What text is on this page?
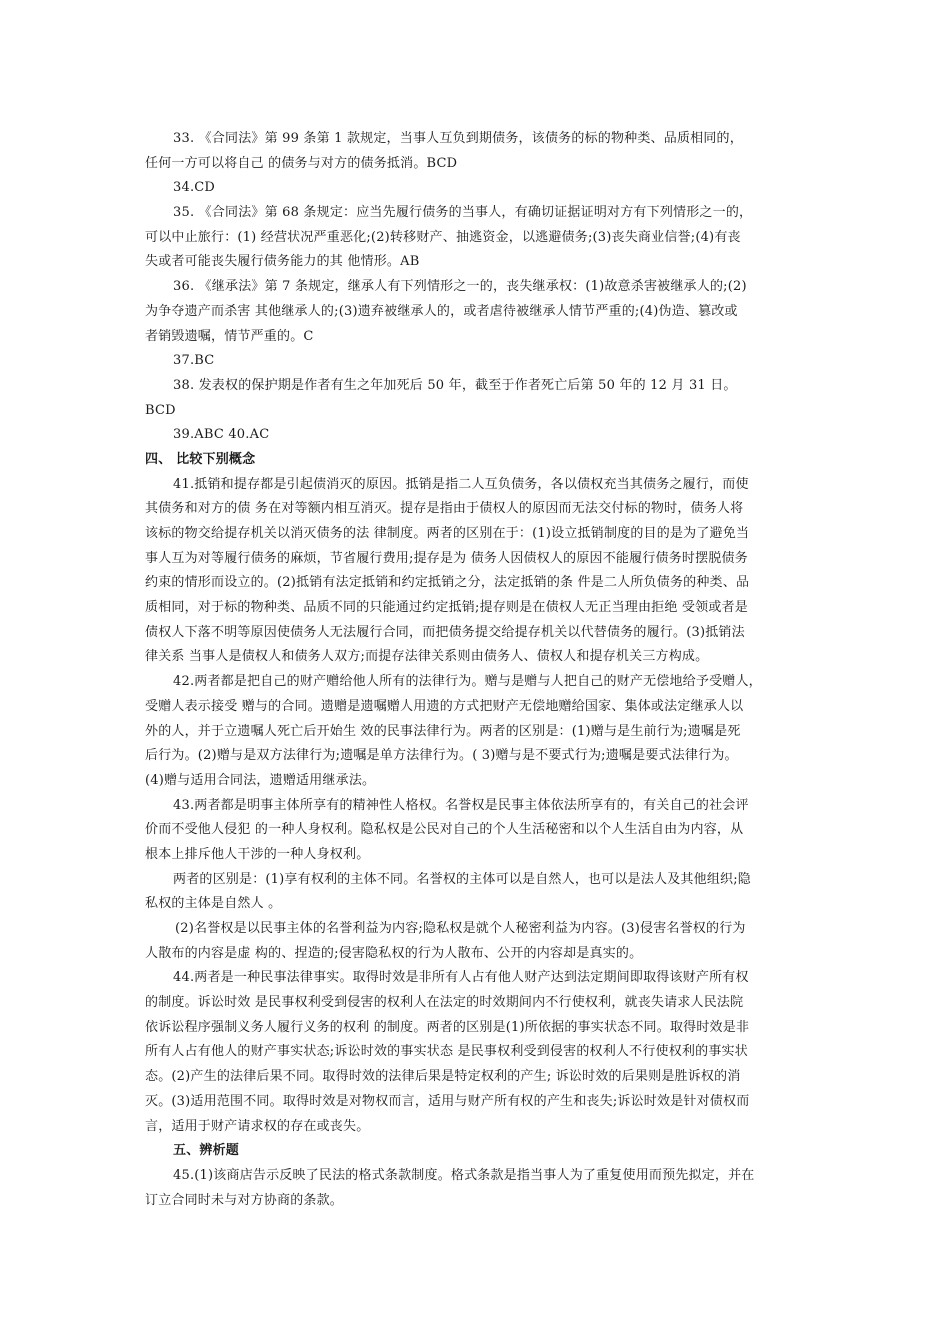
33. 《合同法》第 99 条第 1 款规定，当事人互负到期债务，该债务的标的物种类、品质相同的，
任何一方可以将自己 的债务与对方的债务抵消。BCD
34.CD
35. 《合同法》第 68 条规定：应当先履行债务的当事人，有确切证据证明对方有下列情形之一的，
可以中止旅行：(1) 经营状况严重恶化;(2)转移财产、抽逃资金，以逃避债务;(3)丧失商业信誉;(4)有丧
失或者可能丧失履行债务能力的其 他情形。AB
36. 《继承法》第 7 条规定，继承人有下列情形之一的，丧失继承权：(1)故意杀害被继承人的;(2)
为争夺遗产而杀害 其他继承人的;(3)遗弃被继承人的，或者虐待被继承人情节严重的;(4)伪造、篡改或
者销毁遗嘱，情节严重的。C
37.BC
38. 发表权的保护期是作者有生之年加死后 50 年，截至于作者死亡后第 50 年的 12 月 31 日。
BCD
39.ABC 40.AC
四、 比较下别概念
41.抵销和提存都是引起债消灭的原因。抵销是指二人互负债务，各以债权充当其债务之履行，而使
其债务和对方的债 务在对等额内相互消灭。提存是指由于债权人的原因而无法交付标的物时，债务人将
该标的物交给提存机关以消灭债务的法 律制度。两者的区别在于：(1)设立抵销制度的目的是为了避免当
事人互为对等履行债务的麻烦，节省履行费用;提存是为 债务人因债权人的原因不能履行债务时摆脱债务
约束的情形而设立的。(2)抵销有法定抵销和约定抵销之分，法定抵销的条 件是二人所负债务的种类、品
质相同，对于标的物种类、品质不同的只能通过约定抵销;提存则是在债权人无正当理由拒绝 受领或者是
债权人下落不明等原因使债务人无法履行合同，而把债务提交给提存机关以代替债务的履行。(3)抵销法
律关系 当事人是债权人和债务人双方;而提存法律关系则由债务人、债权人和提存机关三方构成。
42.两者都是把自己的财产赠给他人所有的法律行为。赠与是赠与人把自己的财产无偿地给予受赠人，
受赠人表示接受 赠与的合同。遗赠是遗嘱赠人用遗的方式把财产无偿地赠给国家、集体或法定继承人以
外的人，并于立遗嘱人死亡后开始生 效的民事法律行为。两者的区别是：(1)赠与是生前行为;遗嘱是死
后行为。(2)赠与是双方法律行为;遗嘱是单方法律行为。( 3)赠与是不要式行为;遗嘱是要式法律行为。
(4)赠与适用合同法，遗赠适用继承法。
43.两者都是明事主体所享有的精神性人格权。名誉权是民事主体依法所享有的，有关自己的社会评
价而不受他人侵犯 的一种人身权利。隐私权是公民对自己的个人生活秘密和以个人生活自由为内容，从
根本上排斥他人干涉的一种人身权利。
两者的区别是：(1)享有权利的主体不同。名誉权的主体可以是自然人，也可以是法人及其他组织;隐
私权的主体是自然人 。
(2)名誉权是以民事主体的名誉利益为内容;隐私权是就个人秘密利益为内容。(3)侵害名誉权的行为
人散布的内容是虚 构的、捏造的;侵害隐私权的行为人散布、公开的内容却是真实的。
44.两者是一种民事法律事实。取得时效是非所有人占有他人财产达到法定期间即取得该财产所有权
的制度。诉讼时效 是民事权利受到侵害的权利人在法定的时效期间内不行使权利，就丧失请求人民法院
依诉讼程序强制义务人履行义务的权利 的制度。两者的区别是(1)所依据的事实状态不同。取得时效是非
所有人占有他人的财产事实状态;诉讼时效的事实状态 是民事权利受到侵害的权利人不行使权利的事实状
态。(2)产生的法律后果不同。取得时效的法律后果是特定权利的产生; 诉讼时效的后果则是胜诉权的消
灭。(3)适用范围不同。取得时效是对物权而言，适用与财产所有权的产生和丧失;诉讼时效是针对债权而
言，适用于财产请求权的存在或丧失。
五、辨析题
45.(1)该商店告示反映了民法的格式条款制度。格式条款是指当事人为了重复使用而预先拟定，并在
订立合同时未与对方协商的条款。
